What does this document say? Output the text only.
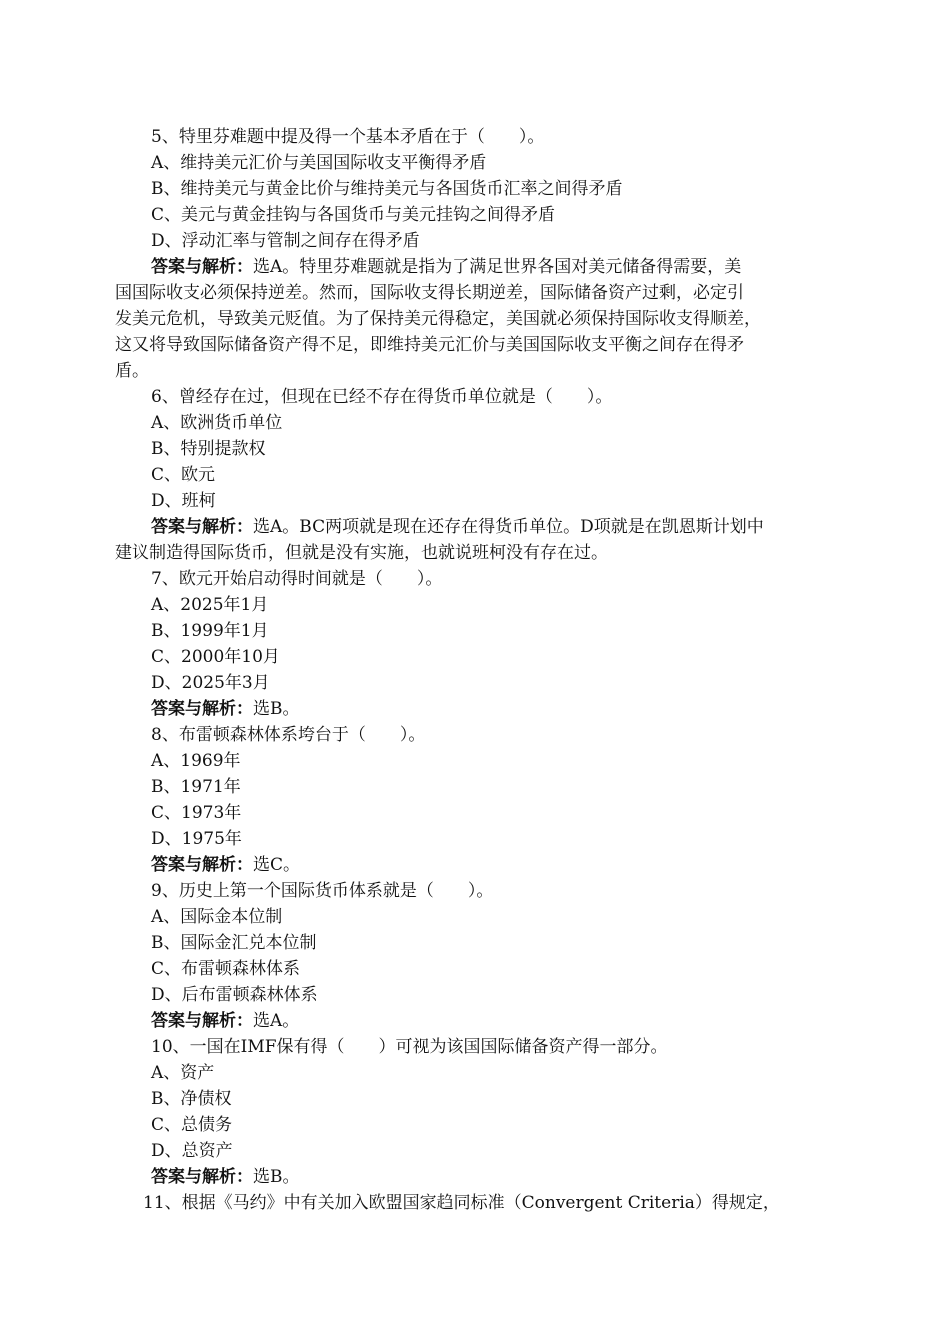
5、特里芬难题中提及得一个基本矛盾在于（　　）。
A、维持美元汇价与美国国际收支平衡得矛盾
B、维持美元与黄金比价与维持美元与各国货币汇率之间得矛盾
C、美元与黄金挂钩与各国货币与美元挂钩之间得矛盾
D、浮动汇率与管制之间存在得矛盾
答案与解析：选A。特里芬难题就是指为了满足世界各国对美元储备得需要，美
国国际收支必须保持逆差。然而，国际收支得长期逆差，国际储备资产过剩，必定引
发美元危机，导致美元贬值。为了保持美元得稳定，美国就必须保持国际收支得顺差，
这又将导致国际储备资产得不足，即维持美元汇价与美国国际收支平衡之间存在得矛
盾。
6、曾经存在过，但现在已经不存在得货币单位就是（　　）。
A、欧洲货币单位
B、特别提款权
C、欧元
D、班柯
答案与解析：选A。BC两项就是现在还存在得货币单位。D项就是在凯恩斯计划中
建议制造得国际货币，但就是没有实施，也就说班柯没有存在过。
7、欧元开始启动得时间就是（　　）。
A、2025年1月
B、1999年1月
C、2000年10月
D、2025年3月
答案与解析：选B。
8、布雷顿森林体系垮台于（　　）。
A、1969年
B、1971年
C、1973年
D、1975年
答案与解析：选C。
9、历史上第一个国际货币体系就是（　　）。
A、国际金本位制
B、国际金汇兑本位制
C、布雷顿森林体系
D、后布雷顿森林体系
答案与解析：选A。
10、一国在IMF保有得（　　）可视为该国国际储备资产得一部分。
A、资产
B、净债权
C、总债务
D、总资产
答案与解析：选B。
11、根据《马约》中有关加入欧盟国家趋同标准（Convergent Criteria）得规定，
